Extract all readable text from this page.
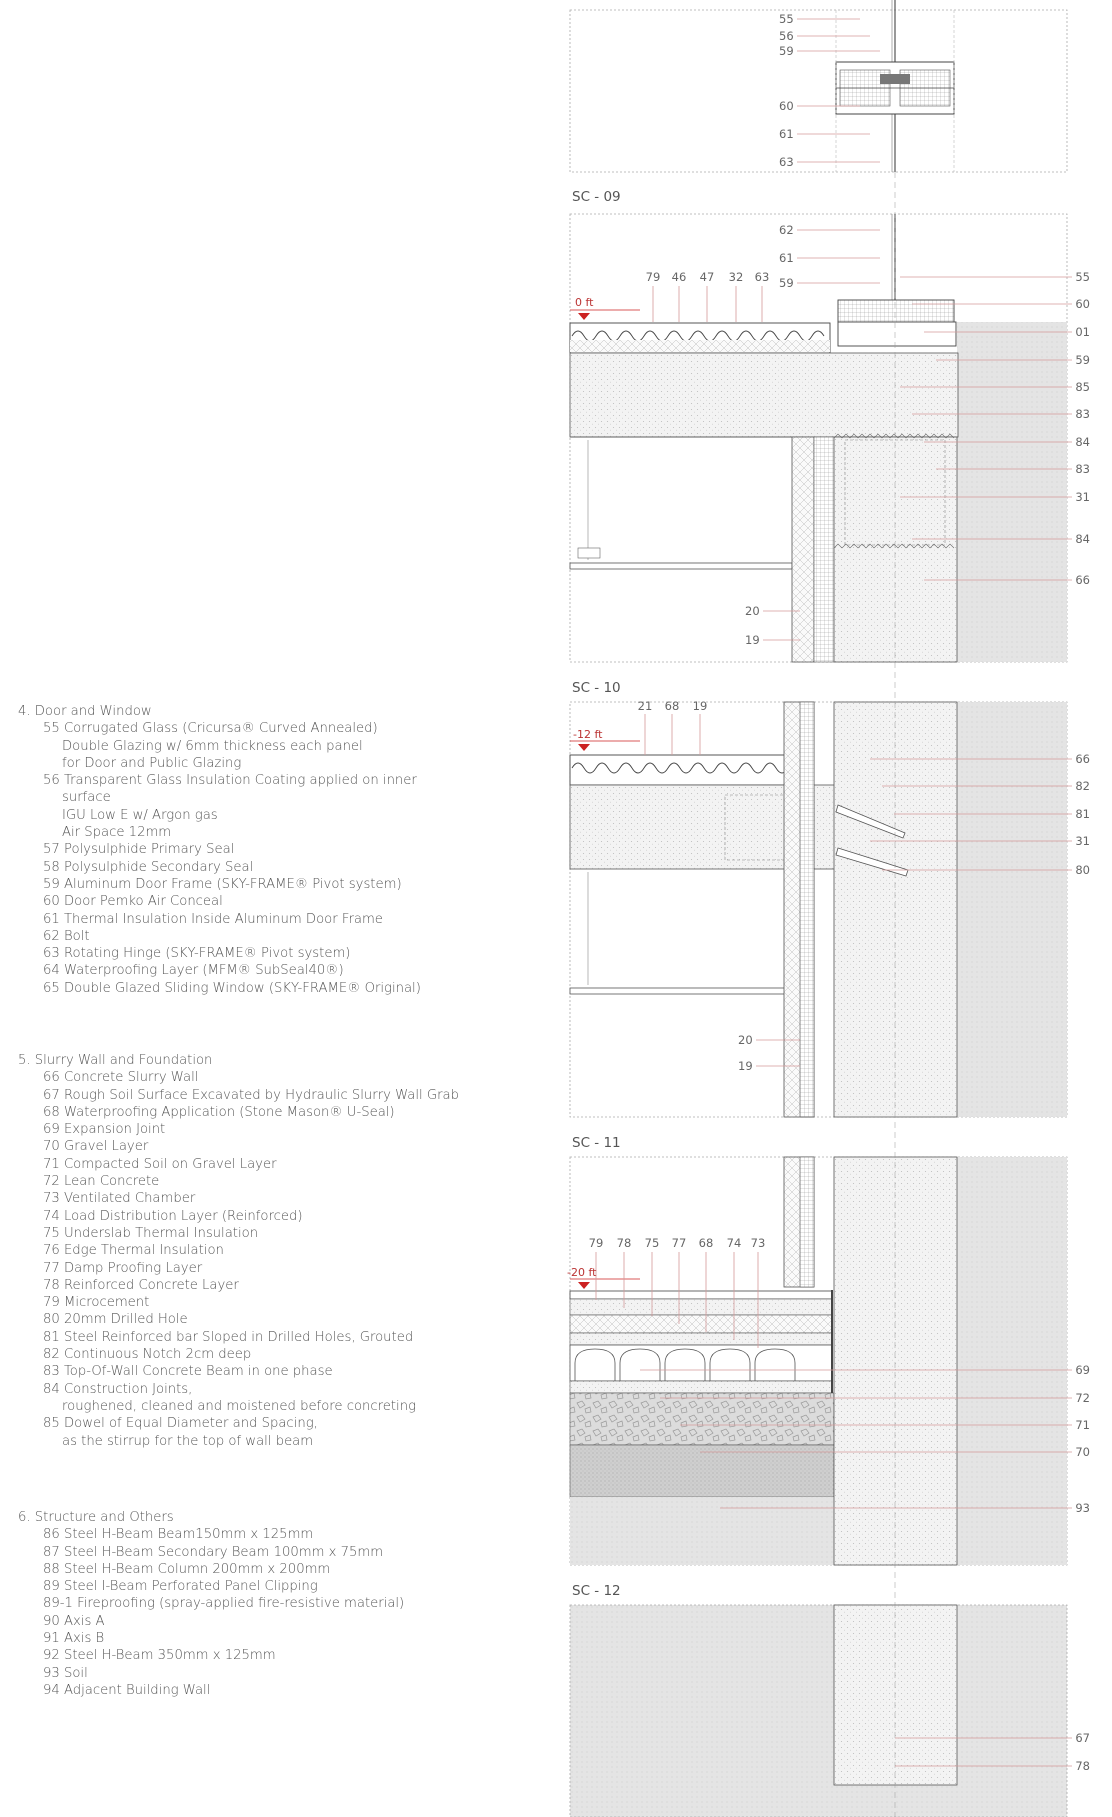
55
56
59
60
61
63
62
61
59
79 46 47 32 63	55
60
01
59
85
83
84
83
31
84
66
20
19
21 68 19
66
82
81
31
80
20
19
79 78 75 77 68 74 73
69
72
71
70
93
67
78
SC - 09
SC - 10
SC - 11
SC - 12
0 ft
-12 ft
-20 ft
4. Door and Window
55 Corrugated Glass (Cricursa® Curved Annealed)
Double Glazing w/ 6mm thickness each panel
for Door and Public Glazing
56 Transparent Glass Insulation Coating applied on inner
surface
IGU Low E w/ Argon gas
Air Space 12mm
57 Polysulphide Primary Seal
58 Polysulphide Secondary Seal
59 Aluminum Door Frame (SKY-FRAME® Pivot system)
60 Door Pemko Air Conceal
61 Thermal Insulation Inside Aluminum Door Frame
62 Bolt
63 Rotating Hinge (SKY-FRAME® Pivot system)
64 Waterproofing Layer (MFM® SubSeal40®)
65 Double Glazed Sliding Window (SKY-FRAME® Original)
5. Slurry Wall and Foundation
66 Concrete Slurry Wall
67 Rough Soil Surface Excavated by Hydraulic Slurry Wall Grab
68 Waterproofing Application (Stone Mason® U-Seal)
69 Expansion Joint
70 Gravel Layer
71 Compacted Soil on Gravel Layer
72 Lean Concrete
73 Ventilated Chamber
74 Load Distribution Layer (Reinforced)
75 Underslab Thermal Insulation
76 Edge Thermal Insulation
77 Damp Proofing Layer
78 Reinforced Concrete Layer
79 Microcement
80 20mm Drilled Hole
81 Steel Reinforced bar Sloped in Drilled Holes, Grouted
82 Continuous Notch 2cm deep
83 Top-Of-Wall Concrete Beam in one phase
84 Construction Joints,
roughened, cleaned and moistened before concreting
85 Dowel of Equal Diameter and Spacing,
as the stirrup for the top of wall beam
6. Structure and Others
86 Steel H-Beam Beam150mm x 125mm
87 Steel H-Beam Secondary Beam 100mm x 75mm
88 Steel H-Beam Column 200mm x 200mm
89 Steel I-Beam Perforated Panel Clipping
89-1 Fireproofing (spray-applied fire-resistive material)
90 Axis A
91 Axis B
92 Steel H-Beam 350mm x 125mm
93 Soil
94 Adjacent Building Wall
